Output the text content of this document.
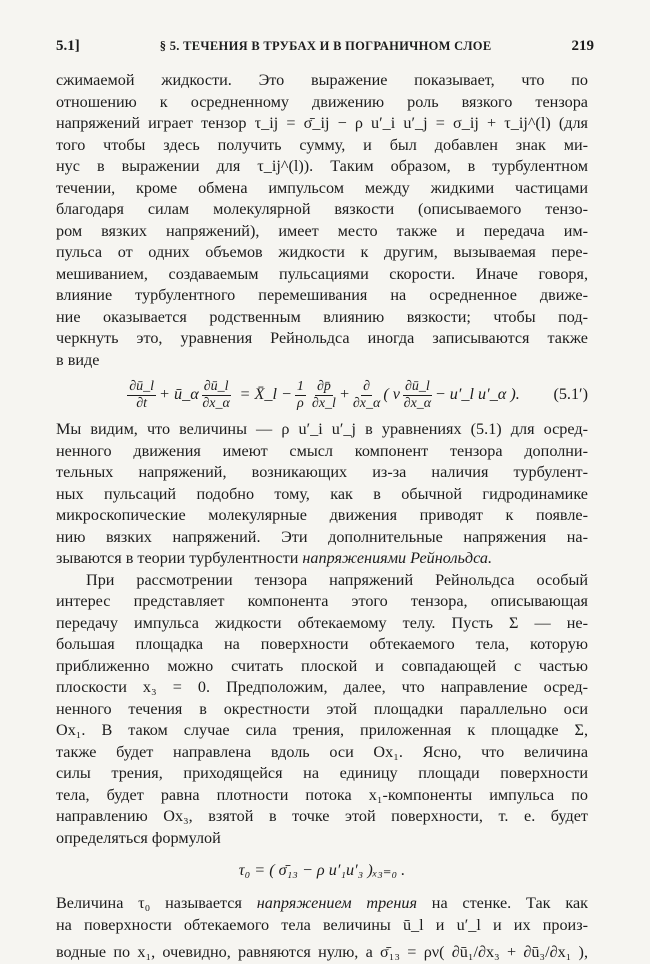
5.1]	§ 5. ТЕЧЕНИЯ В ТРУБАХ И В ПОГРАНИЧНОМ СЛОЕ	219
сжимаемой жидкости. Это выражение показывает, что по
отношению к осредненному движению роль вязкого тензора
напряжений играет тензор τ_ij = σ̄_ij − ρ u′_i u′_j = σ_ij + τ_ij^(l) (для
того чтобы здесь получить сумму, и был добавлен знак ми-
нус в выражении для τ_ij^(l)). Таким образом, в турбулентном
течении, кроме обмена импульсом между жидкими частицами
благодаря силам молекулярной вязкости (описываемого тензо-
ром вязких напряжений), имеет место также и передача им-
пульса от одних объемов жидкости к другим, вызываемая пере-
мешиванием, создаваемым пульсациями скорости. Иначе говоря,
влияние турбулентного перемешивания на осредненное движе-
ние оказывается родственным влиянию вязкости; чтобы под-
черкнуть это, уравнения Рейнольдса иногда записываются также
в виде
$\frac{\partial ū\_l}{\partial t}$ + ū_α $\frac{\partial ū\_l}{\partial x\_\alpha}$ = X̄_l − $\frac{1}{\rho} \frac{\partial p̄}{\partial x\_l} + \frac{\partial}{\partial x\_\alpha}$ ( ν $\frac{\partial ū\_l}{\partial x\_\alpha}$ − u′_l u′_α ). (5.1′)
Мы видим, что величины — ρ u′_i u′_j в уравнениях (5.1) для осред-
ненного движения имеют смысл компонент тензора дополни-
тельных напряжений, возникающих из-за наличия турбулент-
ных пульсаций подобно тому, как в обычной гидродинамике
микроскопические молекулярные движения приводят к появле-
нию вязких напряжений. Эти дополнительные напряжения на-
зываются в теории турбулентности напряжениями Рейнольдса.
При рассмотрении тензора напряжений Рейнольдса особый
интерес представляет компонента этого тензора, описывающая
передачу импульса жидкости обтекаемому телу. Пусть Σ — не-
большая площадка на поверхности обтекаемого тела, которую
приближенно можно считать плоской и совпадающей с частью
плоскости x₃ = 0. Предположим, далее, что направление осред-
ненного течения в окрестности этой площадки параллельно оси
Ox₁. В таком случае сила трения, приложенная к площадке Σ,
также будет направлена вдоль оси Ox₁. Ясно, что величина
силы трения, приходящейся на единицу площади поверхности
тела, будет равна плотности потока x₁-компоненты импульса по
направлению Ox₃, взятой в точке этой поверхности, т. е. будет
определяться формулой
τ₀ = ( σ̄₁₃ − ρ u′₁u′₃ )ₓ₃₌₀ .
Величина τ₀ называется напряжением трения на стенке. Так как
на поверхности обтекаемого тела величины ū_l и u′_l и их произ-
водные по x₁, очевидно, равняются нулю, а σ̄₁₃ = ρν( ∂ū₁/∂x₃ + ∂ū₃/∂x₁ ),
